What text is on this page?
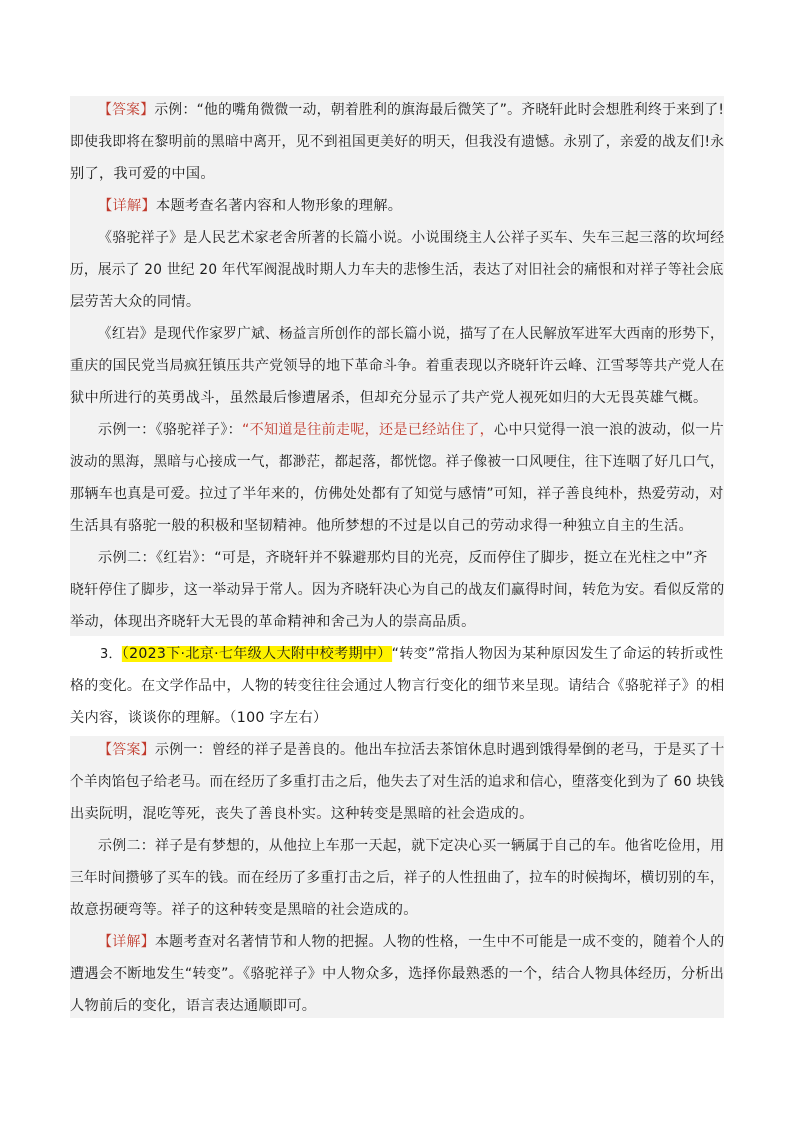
【答案】示例：“他的嘴角微微一动，朝着胜利的旗海最后微笑了”。齐晓轩此时会想胜利终于来到了!
即使我即将在黎明前的黑暗中离开，见不到祖国更美好的明天，但我没有遗憾。永别了，亲爱的战友们!永
别了，我可爱的中国。
【详解】本题考查名著内容和人物形象的理解。
《骆驼祥子》是人民艺术家老舍所著的长篇小说。小说围绕主人公祥子买车、失车三起三落的坎坷经
历，展示了 20 世纪 20 年代军阀混战时期人力车夫的悲惨生活，表达了对旧社会的痛恨和对祥子等社会底
层劳苦大众的同情。
《红岩》是现代作家罗广斌、杨益言所创作的部长篇小说，描写了在人民解放军进军大西南的形势下，
重庆的国民党当局疯狂镇压共产党领导的地下革命斗争。着重表现以齐晓轩许云峰、江雪琴等共产党人在
狱中所进行的英勇战斗，虽然最后惨遭屠杀，但却充分显示了共产党人视死如归的大无畏英雄气概。
示例一：《骆驼祥子》：“不知道是往前走呢，还是已经站住了，心中只觉得一浪一浪的波动，似一片
波动的黑海，黑暗与心接成一气，都渺茫，都起落，都恍惚。祥子像被一口风哽住，往下连咽了好几口气，
那辆车也真是可爱。拉过了半年来的，仿佛处处都有了知觉与感情”可知，祥子善良纯朴，热爱劳动，对
生活具有骆驼一般的积极和坚韧精神。他所梦想的不过是以自己的劳动求得一种独立自主的生活。
示例二：《红岩》：“可是，齐晓轩并不躲避那灼目的光亮，反而停住了脚步，挺立在光柱之中”齐
晓轩停住了脚步，这一举动异于常人。因为齐晓轩决心为自己的战友们赢得时间，转危为安。看似反常的
举动，体现出齐晓轩大无畏的革命精神和舍己为人的崇高品质。
3．（2023下·北京·七年级人大附中校考期中）“转变”常指人物因为某种原因发生了命运的转折或性
格的变化。在文学作品中，人物的转变往往会通过人物言行变化的细节来呈现。请结合《骆驼祥子》的相
关内容，谈谈你的理解。（100 字左右）
【答案】示例一：曾经的祥子是善良的。他出车拉活去茶馆休息时遇到饿得晕倒的老马，于是买了十
个羊肉馅包子给老马。而在经历了多重打击之后，他失去了对生活的追求和信心，堕落变化到为了 60 块钱
出卖阮明，混吃等死，丧失了善良朴实。这种转变是黑暗的社会造成的。
示例二：祥子是有梦想的，从他拉上车那一天起，就下定决心买一辆属于自己的车。他省吃俭用，用
三年时间攒够了买车的钱。而在经历了多重打击之后，祥子的人性扭曲了，拉车的时候掏坏，横切别的车，
故意拐硬弯等。祥子的这种转变是黑暗的社会造成的。
【详解】本题考查对名著情节和人物的把握。人物的性格，一生中不可能是一成不变的，随着个人的
遭遇会不断地发生“转变”。《骆驼祥子》中人物众多，选择你最熟悉的一个，结合人物具体经历，分析出
人物前后的变化，语言表达通顺即可。
